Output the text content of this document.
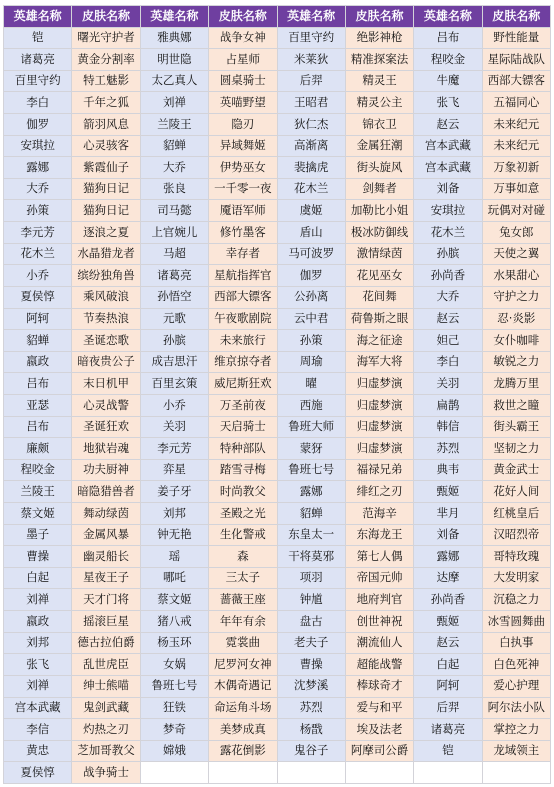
英雄名称	皮肤名称	英雄名称	皮肤名称	英雄名称	皮肤名称	英雄名称	皮肤名称
铠	曙光守护者	雅典娜	战争女神	百里守约	绝影神枪	吕布	野性能量
诸葛亮	黄金分割率	明世隐	占星师	米莱狄	精准探案法	程咬金	星际陆战队
百里守约	特工魅影	太乙真人	圆桌骑士	后羿	精灵王	牛魔	西部大镖客
李白	千年之狐	刘禅	英喵野望	王昭君	精灵公主	张飞	五福同心
伽罗	箭羽风息	兰陵王	隐刃	狄仁杰	锦衣卫	赵云	未来纪元
安琪拉	心灵骇客	貂蝉	异域舞姬	高渐离	金属狂潮	宫本武藏	未来纪元
露娜	紫霞仙子	大乔	伊势巫女	裴擒虎	街头旋风	宫本武藏	万象初新
大乔	猫狗日记	张良	一千零一夜	花木兰	剑舞者	刘备	万事如意
孙策	猫狗日记	司马懿	魇语军师	虞姬	加勒比小姐	安琪拉	玩偶对对碰
李元芳	逐浪之夏	上官婉儿	修竹墨客	盾山	极冰防御线	花木兰	兔女郎
花木兰	水晶猎龙者	马超	幸存者	马可波罗	激情绿茵	孙膑	天使之翼
小乔	缤纷独角兽	诸葛亮	星航指挥官	伽罗	花见巫女	孙尚香	水果甜心
夏侯惇	乘风破浪	孙悟空	西部大镖客	公孙离	花间舞	大乔	守护之力
阿轲	节奏热浪	元歌	午夜歌剧院	云中君	荷鲁斯之眼	赵云	忍·炎影
貂蝉	圣诞恋歌	孙膑	未来旅行	孙策	海之征途	妲己	女仆咖啡
嬴政	暗夜贵公子	成吉思汗	维京掠夺者	周瑜	海军大将	李白	敏锐之力
吕布	末日机甲	百里玄策	威尼斯狂欢	曜	归虚梦演	关羽	龙腾万里
亚瑟	心灵战警	小乔	万圣前夜	西施	归虚梦演	扁鹊	救世之瞳
吕布	圣诞狂欢	关羽	天启骑士	鲁班大师	归虚梦演	韩信	街头霸王
廉颇	地狱岩魂	李元芳	特种部队	蒙犽	归虚梦演	苏烈	坚韧之力
程咬金	功夫厨神	弈星	踏雪寻梅	鲁班七号	福禄兄弟	典韦	黄金武士
兰陵王	暗隐猎兽者	姜子牙	时尚教父	露娜	绯红之刃	甄姬	花好人间
蔡文姬	舞动绿茵	刘邦	圣殿之光	貂蝉	范海辛	芈月	红桃皇后
墨子	金属风暴	钟无艳	生化警戒	东皇太一	东海龙王	刘备	汉昭烈帝
曹操	幽灵船长	瑶	森	干将莫邪	第七人偶	露娜	哥特玫瑰
白起	星夜王子	哪吒	三太子	项羽	帝国元帅	达摩	大发明家
刘禅	天才门将	蔡文姬	蔷薇王座	钟馗	地府判官	孙尚香	沉稳之力
嬴政	摇滚巨星	猪八戒	年年有余	盘古	创世神祝	甄姬	冰雪圆舞曲
刘邦	德古拉伯爵	杨玉环	霓裳曲	老夫子	潮流仙人	赵云	白执事
张飞	乱世虎臣	女娲	尼罗河女神	曹操	超能战警	白起	白色死神
刘禅	绅士熊喵	鲁班七号	木偶奇遇记	沈梦溪	棒球奇才	阿轲	爱心护理
宫本武藏	鬼剑武藏	狂铁	命运角斗场	苏烈	爱与和平	后羿	阿尔法小队
李信	灼热之刃	梦奇	美梦成真	杨戬	埃及法老	诸葛亮	掌控之力
黄忠	芝加哥教父	嫦娥	露花倒影	鬼谷子	阿摩司公爵	铠	龙域领主
夏侯惇	战争骑士
